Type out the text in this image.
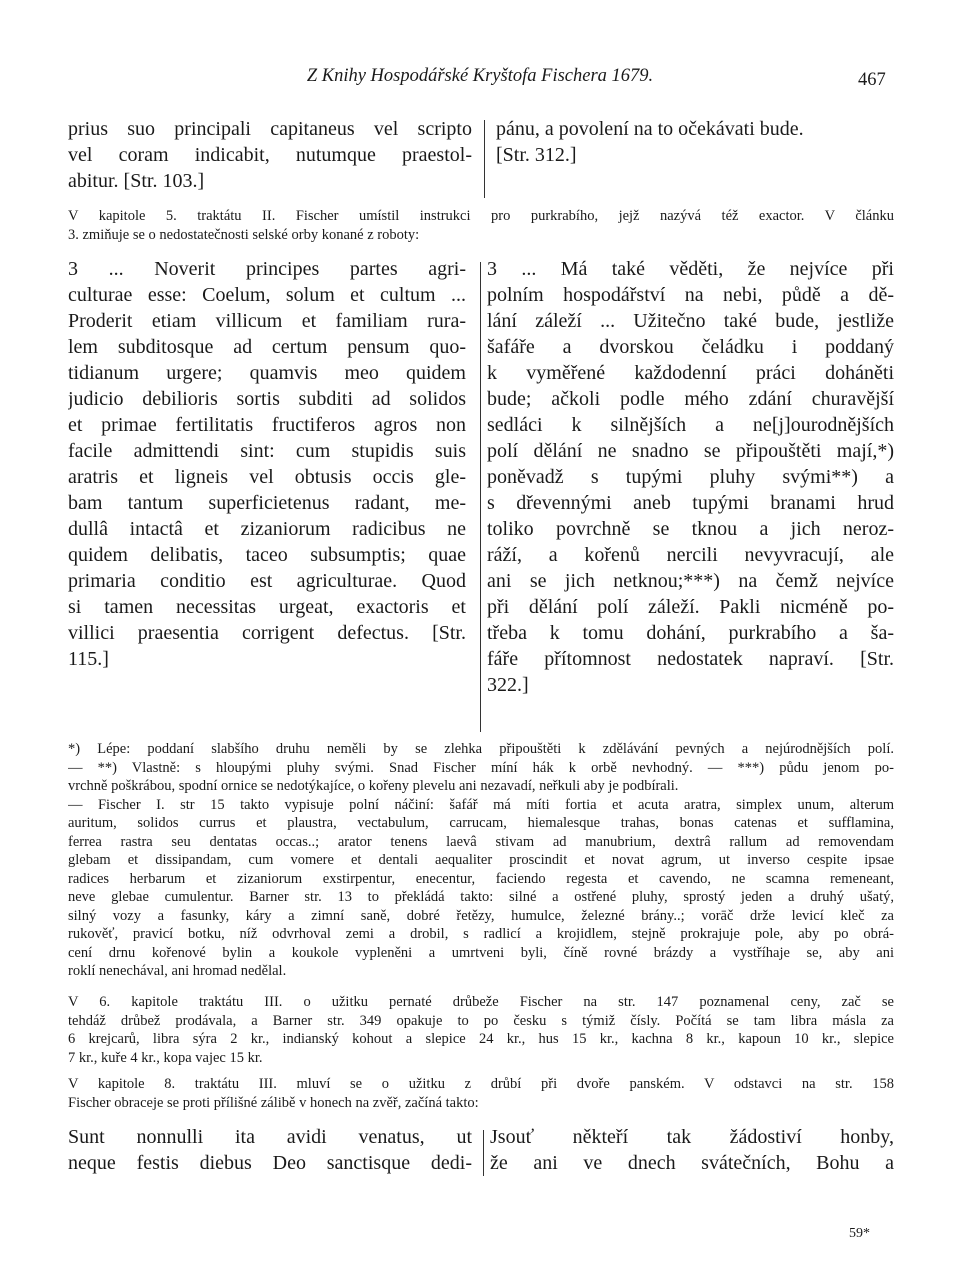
Z Knihy Hospodářské Kryštofa Fischera 1679.	467
prius suo principali capitaneus vel scripto
vel coram indicabit, nutumque praestol-
abitur. [Str. 103.]
pánu, a povolení na to očekávati bude.
[Str. 312.]
V kapitole 5. traktátu II. Fischer umístil instrukci pro purkrabího, jejž nazývá též exactor. V článku
3. zmiňuje se o nedostatečnosti selské orby konané z roboty:
3 ... Noverit principes partes agri-
culturae esse: Coelum, solum et cultum ...
Proderit etiam villicum et familiam rura-
lem subditosque ad certum pensum quo-
tidianum urgere; quamvis meo quidem
judicio debilioris sortis subditi ad solidos
et primae fertilitatis fructiferos agros non
facile admittendi sint: cum stupidis suis
aratris et ligneis vel obtusis occis gle-
bam tantum superficietenus radant, me-
dullâ intactâ et zizaniorum radicibus ne
quidem delibatis, taceo subsumptis; quae
primaria conditio est agriculturae. Quod
si tamen necessitas urgeat, exactoris et
villici praesentia corrigent defectus. [Str.
115.]
3 ... Má také věděti, že nejvíce při
polním hospodářství na nebi, půdě a dě-
lání záleží ... Užitečno také bude, jestliže
šafáře a dvorskou čeládku i poddaný
k vyměřené každodenní práci doháněti
bude; ačkoli podle mého zdání churavější
sedláci k silnějších a ne[j]ourodnějších
polí dělání ne snadno se připouštěti mají,*)
poněvadž s tupými pluhy svými**) a
s dřevennými aneb tupými branami hrud
toliko povrchně se tknou a jich neroz-
ráží, a kořenů nercili nevyvracují, ale
ani se jich netknou;***) na čemž nejvíce
při dělání polí záleží. Pakli nicméně po-
třeba k tomu dohání, purkrabího a ša-
fáře přítomnost nedostatek napraví. [Str.
322.]
*) Lépe: poddaní slabšího druhu neměli by se zlehka připouštěti k zdělávání pevných a nejúrodnějších polí.
— **) Vlastně: s hloupými pluhy svými. Snad Fischer míní hák k orbě nevhodný. — ***) půdu jenom po-
vrchně poškrábou, spodní ornice se nedotýkajíce, o kořeny plevelu ani nezavadí, neřkuli aby je podbírali.
— Fischer I. str 15 takto vypisuje polní náčiní: šafář má míti fortia et acuta aratra, simplex unum, alterum
auritum, solidos currus et plaustra, vectabulum, carrucam, hiemalesque trahas, bonas catenas et sufflamina,
ferrea rastra seu dentatas occas..; arator tenens laevâ stivam ad manubrium, dextrâ rallum ad removendam
glebam et dissipandam, cum vomere et dentali aequaliter proscindit et novat agrum, ut inverso cespite ipsae
radices herbarum et zizaniorum exstirpentur, enecentur, faciendo regesta et cavendo, ne scamna remeneant,
neve glebae cumulentur. Barner str. 13 to překládá takto: silné a ostřené pluhy, sprostý jeden a druhý ušatý,
silný vozy a fasunky, káry a zimní saně, dobré řetězy, humulce, železné brány..; vorāč drže levicí kleč za
rukověť, pravicí botku, níž odvrhoval zemi a drobil, s radlicí a krojidlem, stejně prokrajuje pole, aby po obrá-
cení drnu kořenové bylin a koukole vypleněni a umrtveni byli, číně rovné brázdy a vystříhaje se, aby ani
roklí nenechával, ani hromad nedělal.
V 6. kapitole traktátu III. o užitku pernaté drůbeže Fischer na str. 147 poznamenal ceny, zač se
tehdáž drůbež prodávala, a Barner str. 349 opakuje to po česku s týmiž čísly. Počítá se tam libra másla za
6 krejcarů, libra sýra 2 kr., indianský kohout a slepice 24 kr., hus 15 kr., kachna 8 kr., kapoun 10 kr., slepice
7 kr., kuře 4 kr., kopa vajec 15 kr.
V kapitole 8. traktátu III. mluví se o užitku z drůbí při dvoře panském. V odstavci na str. 158
Fischer obraceje se proti přílišné zálibě v honech na zvěř, začíná takto:
Sunt nonnulli ita avidi venatus, ut
neque festis diebus Deo sanctisque dedi-
Jsouť někteří tak žádostiví honby,
že ani ve dnech svátečních, Bohu a
59*
